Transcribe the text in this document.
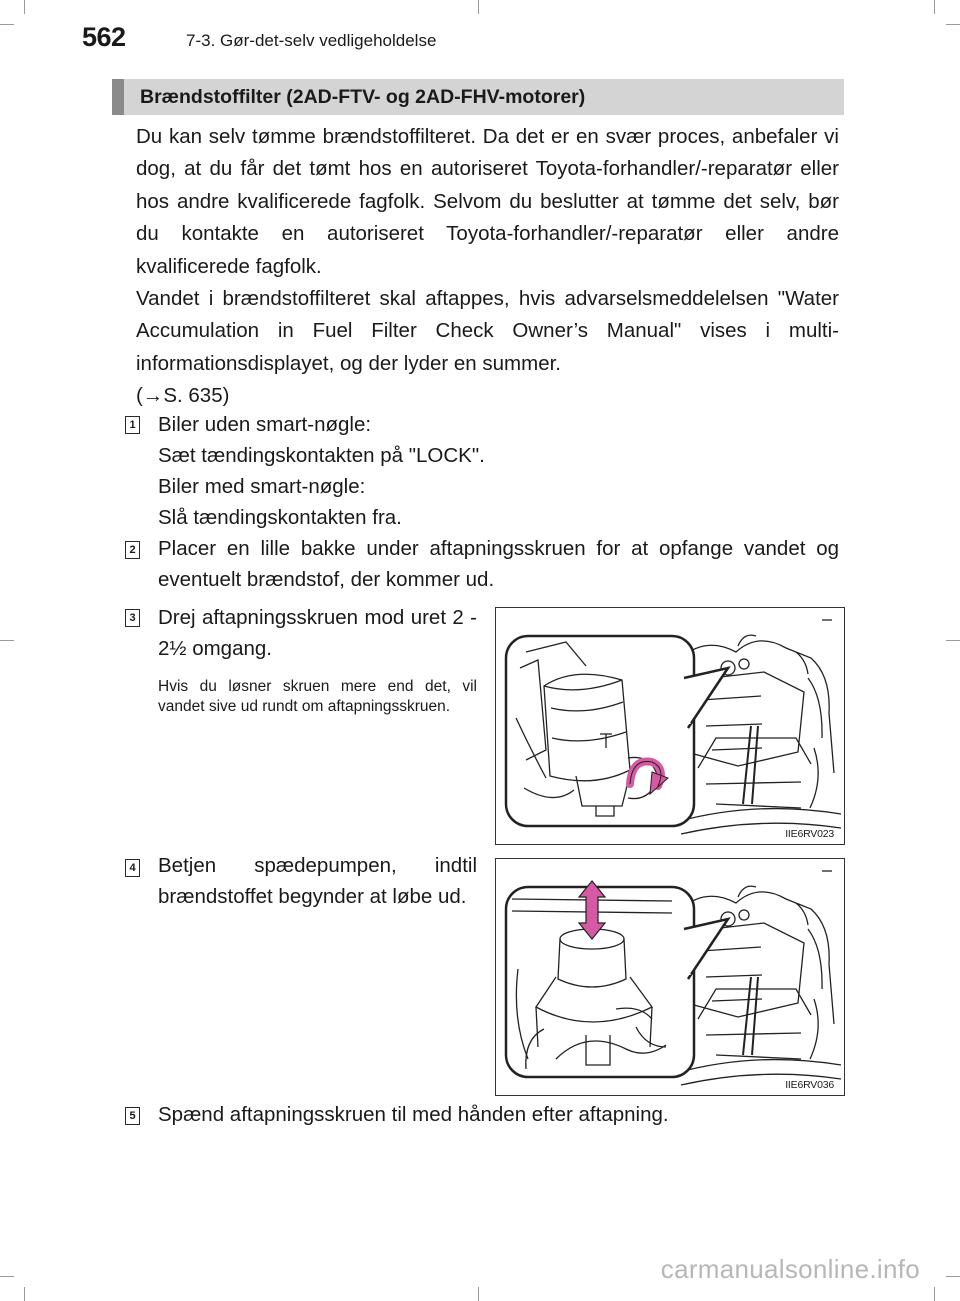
562	7-3. Gør-det-selv vedligeholdelse
Brændstoffilter (2AD-FTV- og 2AD-FHV-motorer)

Du kan selv tømme brændstoffilteret. Da det er en svær proces, anbefaler vi dog, at du får det tømt hos en autoriseret Toyota-forhandler/-reparatør eller hos andre kvalificerede fagfolk. Selvom du beslutter at tømme det selv, bør du kontakte en autoriseret Toyota-forhandler/-reparatør eller andre kvalificerede fagfolk.

Vandet i brændstoffilteret skal aftappes, hvis advarselsmeddelelsen "Water Accumulation in Fuel Filter Check Owner’s Manual" vises i multi-informationsdisplayet, og der lyder en summer.

(→S. 635)

1 Biler uden smart-nøgle:

Sæt tændingskontakten på "LOCK".

Biler med smart-nøgle:

Slå tændingskontakten fra.

2 Placer en lille bakke under aftapningsskruen for at opfange vandet og eventuelt brændstof, der kommer ud.

3 Drej aftapningsskruen mod uret 2 - 2½ omgang.

Hvis du løsner skruen mere end det, vil vandet sive ud rundt om aftapningsskruen.

IIE6RV023
4 Betjen spædepumpen, indtil brændstoffet begynder at løbe ud.

IIE6RV036
5 Spænd aftapningsskruen til med hånden efter aftapning.

carmanualsonline.info
